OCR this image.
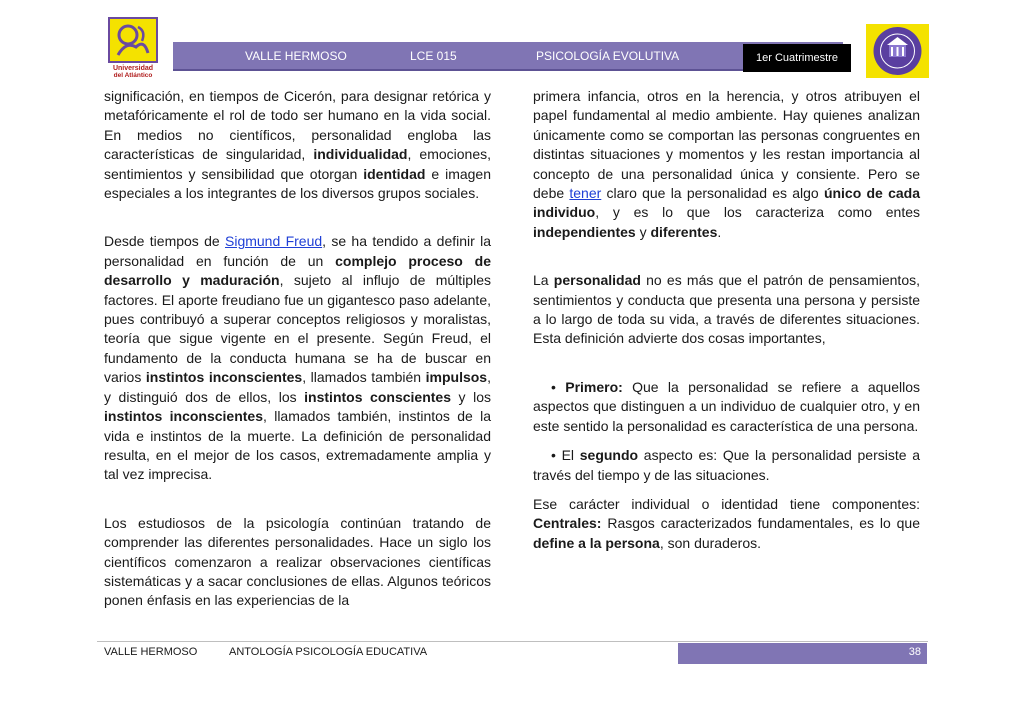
Universidad
del Atlántico
VALLE HERMOSO	LCE 015	PSICOLOGÍA EVOLUTIVA	1er Cuatrimestre

significación, en tiempos de Cicerón, para designar retórica y metafóricamente el rol de todo ser humano en la vida social. En medios no científicos, personalidad engloba las características de singularidad, individualidad, emociones, sentimientos y sensibilidad que otorgan identidad e imagen especiales a los integrantes de los diversos grupos sociales.

Desde tiempos de Sigmund Freud, se ha tendido a definir la personalidad en función de un complejo proceso de desarrollo y maduración, sujeto al influjo de múltiples factores. El aporte freudiano fue un gigantesco paso adelante, pues contribuyó a superar conceptos religiosos y moralistas, teoría que sigue vigente en el presente. Según Freud, el fundamento de la conducta humana se ha de buscar en varios instintos inconscientes, llamados también impulsos, y distinguió dos de ellos, los instintos conscientes y los instintos inconscientes, llamados también, instintos de la vida e instintos de la muerte. La definición de personalidad resulta, en el mejor de los casos, extremadamente amplia y tal vez imprecisa.

Los estudiosos de la psicología continúan tratando de comprender las diferentes personalidades. Hace un siglo los científicos comenzaron a realizar observaciones científicas sistemáticas y a sacar conclusiones de ellas. Algunos teóricos ponen énfasis en las experiencias de la

primera infancia, otros en la herencia, y otros atribuyen el papel fundamental al medio ambiente. Hay quienes analizan únicamente como se comportan las personas congruentes en distintas situaciones y momentos y les restan importancia al concepto de una personalidad única y consiente. Pero se debe tener claro que la personalidad es algo único de cada individuo, y es lo que los caracteriza como entes independientes y diferentes.

La personalidad no es más que el patrón de pensamientos, sentimientos y conducta que presenta una persona y persiste a lo largo de toda su vida, a través de diferentes situaciones. Esta definición advierte dos cosas importantes,

• Primero: Que la personalidad se refiere a aquellos aspectos que distinguen a un individuo de cualquier otro, y en este sentido la personalidad es característica de una persona.

• El segundo aspecto es: Que la personalidad persiste a través del tiempo y de las situaciones.

Ese carácter individual o identidad tiene componentes: Centrales: Rasgos caracterizados fundamentales, es lo que define a la persona, son duraderos.

VALLE HERMOSO	ANTOLOGÍA PSICOLOGÍA EDUCATIVA	38
